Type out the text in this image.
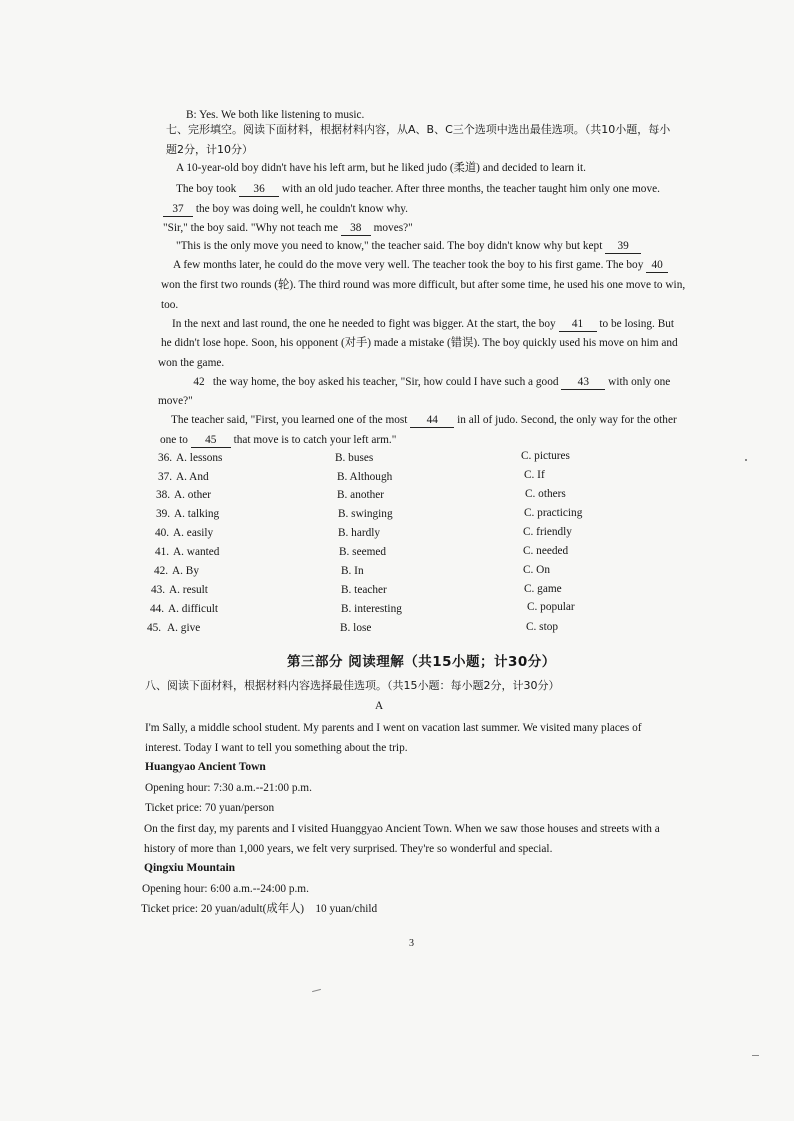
B: Yes. We both like listening to music.
七、完形填空。阅读下面材料，根据材料内容，从A、B、C三个选项中选出最佳选项。（共10小题，每小
题2分，计10分）
A 10-year-old boy didn't have his left arm, but he liked judo (柔道) and decided to learn it.
The boy took 36 with an old judo teacher. After three months, the teacher taught him only one move.
37 the boy was doing well, he couldn't know why.
"Sir," the boy said. "Why not teach me 38 moves?"
"This is the only move you need to know," the teacher said. The boy didn't know why but kept 39
A few months later, he could do the move very well. The teacher took the boy to his first game. The boy 40
won the first two rounds (轮). The third round was more difficult, but after some time, he used his one move to win,
too.
In the next and last round, the one he needed to fight was bigger. At the start, the boy 41 to be losing. But
he didn't lose hope. Soon, his opponent (对手) made a mistake (错误). The boy quickly used his move on him and
won the game.
42 the way home, the boy asked his teacher, "Sir, how could I have such a good 43 with only one
move?"
The teacher said, "First, you learned one of the most 44 in all of judo. Second, the only way for the other
one to 45 that move is to catch your left arm."
36. A. lessons	B. buses	C. pictures
37. A. And	B. Although	C. If
38. A. other	B. another	C. others
39. A. talking	B. swinging	C. practicing
40. A. easily	B. hardly	C. friendly
41. A. wanted	B. seemed	C. needed
42. A. By	B. In	C. On
43. A. result	B. teacher	C. game
44. A. difficult	B. interesting	C. popular
45. A. give	B. lose	C. stop
第三部分 阅读理解（共15小题；计30分）
八、阅读下面材料，根据材料内容选择最佳选项。（共15小题：每小题2分，计30分）
A
I'm Sally, a middle school student. My parents and I went on vacation last summer. We visited many places of
interest. Today I want to tell you something about the trip.
Huangyao Ancient Town
Opening hour: 7:30 a.m.--21:00 p.m.
Ticket price: 70 yuan/person
On the first day, my parents and I visited Huanggyao Ancient Town. When we saw those houses and streets with a
history of more than 1,000 years, we felt very surprised. They're so wonderful and special.
Qingxiu Mountain
Opening hour: 6:00 a.m.--24:00 p.m.
Ticket price: 20 yuan/adult(成年人)    10 yuan/child
3
